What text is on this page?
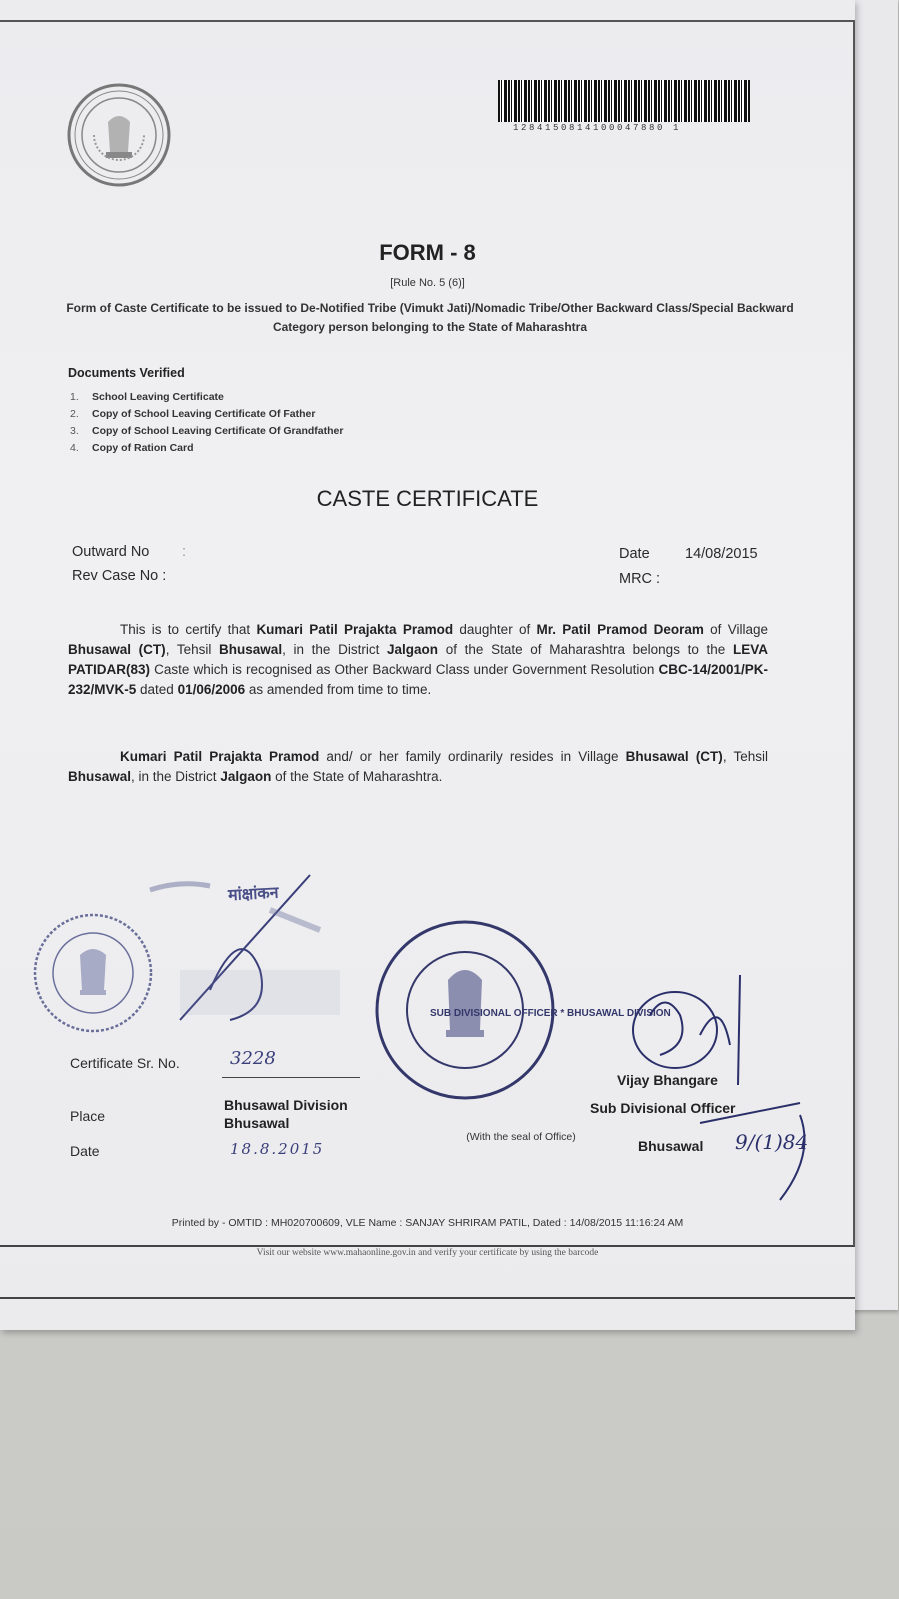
1284150814100047880 1
FORM - 8
[Rule No. 5 (6)]
Form of Caste Certificate to be issued to De-Notified Tribe (Vimukt Jati)/Nomadic Tribe/Other Backward Class/Special Backward Category person belonging to the State of Maharashtra
Documents Verified
1. School Leaving Certificate
2. Copy of School Leaving Certificate Of Father
3. Copy of School Leaving Certificate Of Grandfather
4. Copy of Ration Card
CASTE CERTIFICATE
Outward No :
Rev Case No :
Date 14/08/2015
MRC :
This is to certify that Kumari Patil Prajakta Pramod daughter of Mr. Patil Pramod Deoram of Village Bhusawal (CT), Tehsil Bhusawal, in the District Jalgaon of the State of Maharashtra belongs to the LEVA PATIDAR(83) Caste which is recognised as Other Backward Class under Government Resolution CBC-14/2001/PK-232/MVK-5 dated 01/06/2006 as amended from time to time.
Kumari Patil Prajakta Pramod and/ or her family ordinarily resides in Village Bhusawal (CT), Tehsil Bhusawal, in the District Jalgaon of the State of Maharashtra.
मांक्षांकन
SUB DIVISIONAL OFFICER * BHUSAWAL DIVISION
(With the seal of Office)
Certificate Sr. No.	3228
Place
Bhusawal Division Bhusawal
Date	18.8.2015
Vijay Bhangare
Sub Divisional Officer
Bhusawal 9/(1)84
Printed by - OMTID : MH020700609, VLE Name : SANJAY SHRIRAM PATIL, Dated : 14/08/2015 11:16:24 AM
Visit our website www.mahaonline.gov.in and verify your certificate by using the barcode
